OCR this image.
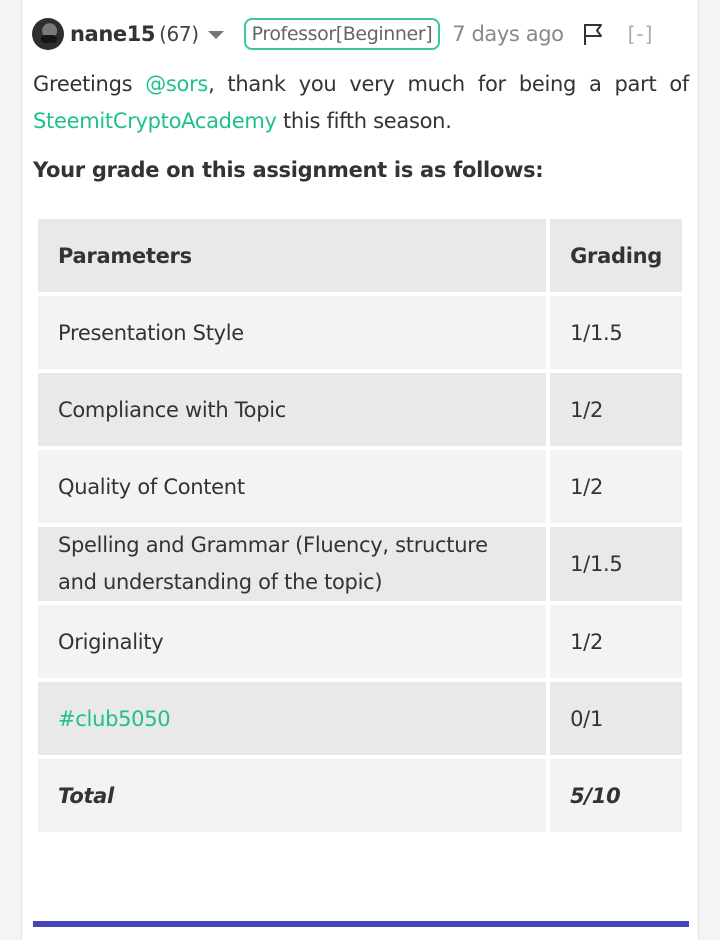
nane15 (67)	Professor[Beginner] 7 days ago	[-]
Greetings @sors, thank you very much for being a part of SteemitCryptoAcademy this fifth season.
Your grade on this assignment is as follows:
Parameters	Grading
Presentation Style	1/1.5
Compliance with Topic	1/2
Quality of Content	1/2
Spelling and Grammar (Fluency, structure and understanding of the topic)	1/1.5
Originality	1/2
#club5050	0/1
Total	5/10
